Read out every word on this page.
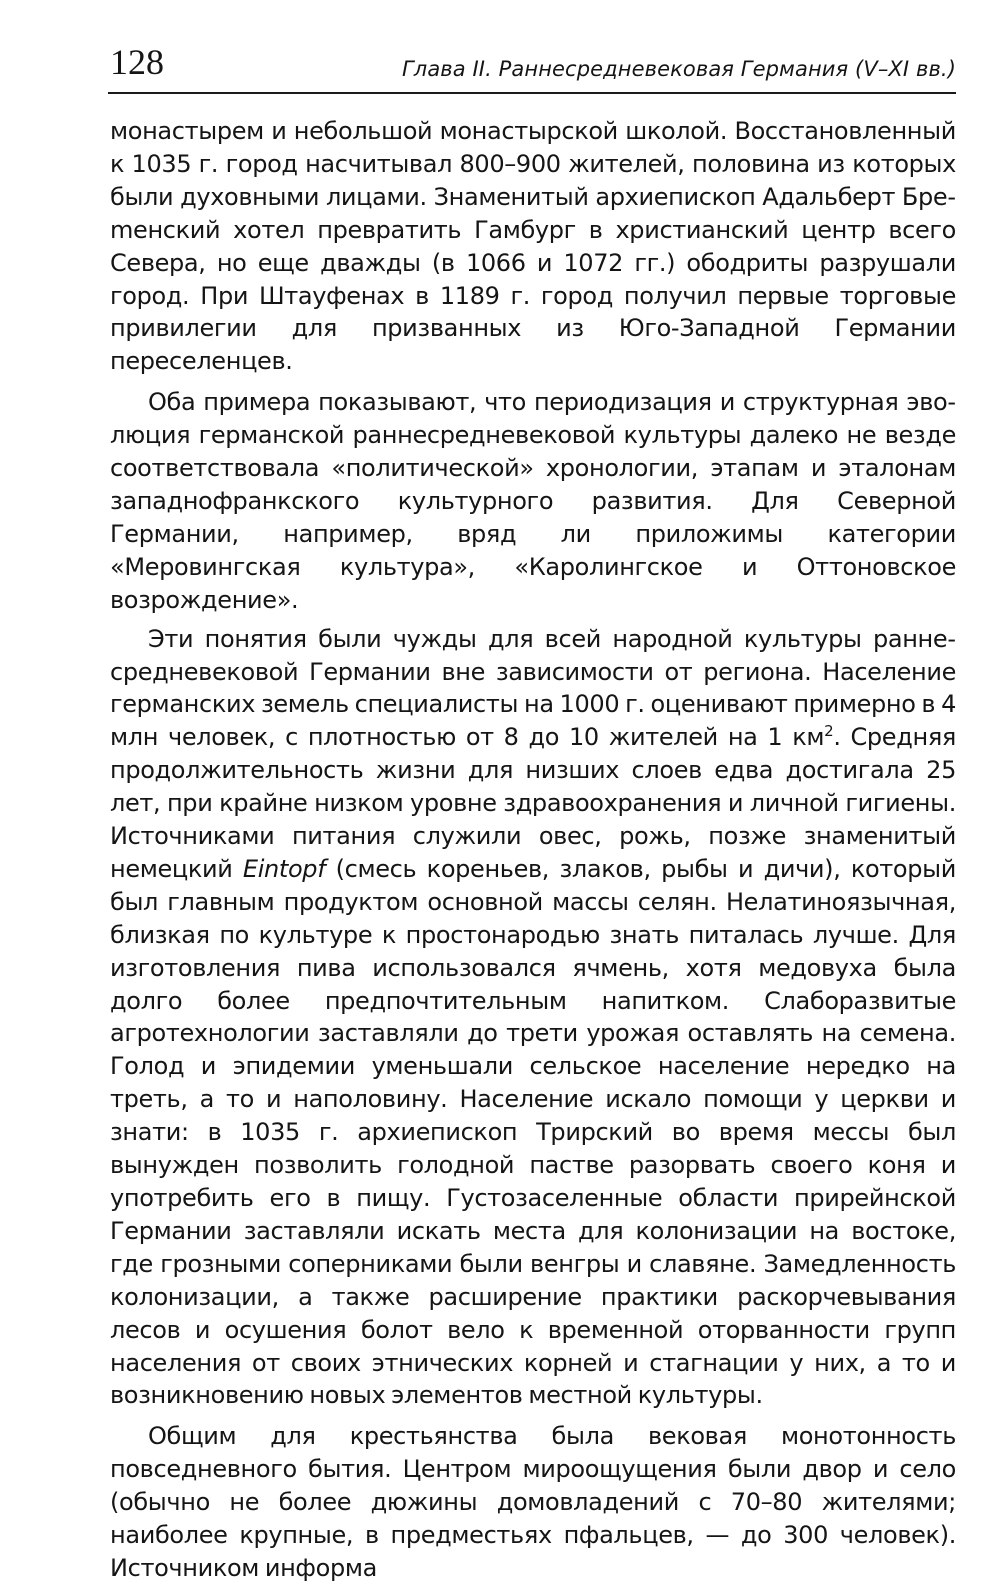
128	Глава II. Раннесредневековая Германия (V–XI вв.)

монастырем и небольшой монастырской школой. Восстановленный к 1035 г. город насчитывал 800–900 жителей, половина из которых были духовными лицами. Знаменитый архиепископ Адальберт Бреmенский хотел превратить Гамбург в христианский центр всего Севера, но еще дважды (в 1066 и 1072 гг.) ободриты разрушали город. При Штауфенах в 1189 г. город получил первые торговые привилегии для призванных из Юго-Западной Германии переселенцев.

Оба примера показывают, что периодизация и структурная эволюция германской раннесредневековой культуры далеко не везде соответствовала «политической» хронологии, этапам и эталонам западнофранкского культурного развития. Для Северной Германии, например, вряд ли приложимы категории «Меровингская культура», «Каролингское и Оттоновское возрождение».

Эти понятия были чужды для всей народной культуры раннесредневековой Германии вне зависимости от региона. Население германских земель специалисты на 1000 г. оценивают примерно в 4 млн человек, с плотностью от 8 до 10 жителей на 1 $км^2$. Средняя продолжительность жизни для низших слоев едва достигала 25 лет, при крайне низком уровне здравоохранения и личной гигиены. Источниками питания служили овес, рожь, позже знаменитый немецкий Eintopf (смесь кореньев, злаков, рыбы и дичи), который был главным продуктом основной массы селян. Нелатиноязычная, близкая по культуре к простонародью знать питалась лучше. Для изготовления пива использовался ячмень, хотя медовуха была долго более предпочтительным напитком. Слаборазвитые агротехнологии заставляли до трети урожая оставлять на семена. Голод и эпидемии уменьшали сельское население нередко на треть, а то и наполовину. Население искало помощи у церкви и знати: в 1035 г. архиепископ Трирский во время мессы был вынужден позволить голодной пастве разорвать своего коня и употребить его в пищу. Густозаселенные области прирейнской Германии заставляли искать места для колонизации на востоке, где грозными соперниками были венгры и славяне. Замедленность колонизации, а также расширение практики раскорчевывания лесов и осушения болот вело к временной оторванности групп населения от своих этнических корней и стагнации у них, а то и возникновению новых элементов местной культуры.

Общим для крестьянства была вековая монотонность повседневного бытия. Центром мироощущения были двор и село (обычно не более дюжины домовладений с 70–80 жителями; наиболее крупные, в предместьях пфальцев, — до 300 человек). Источником информа
